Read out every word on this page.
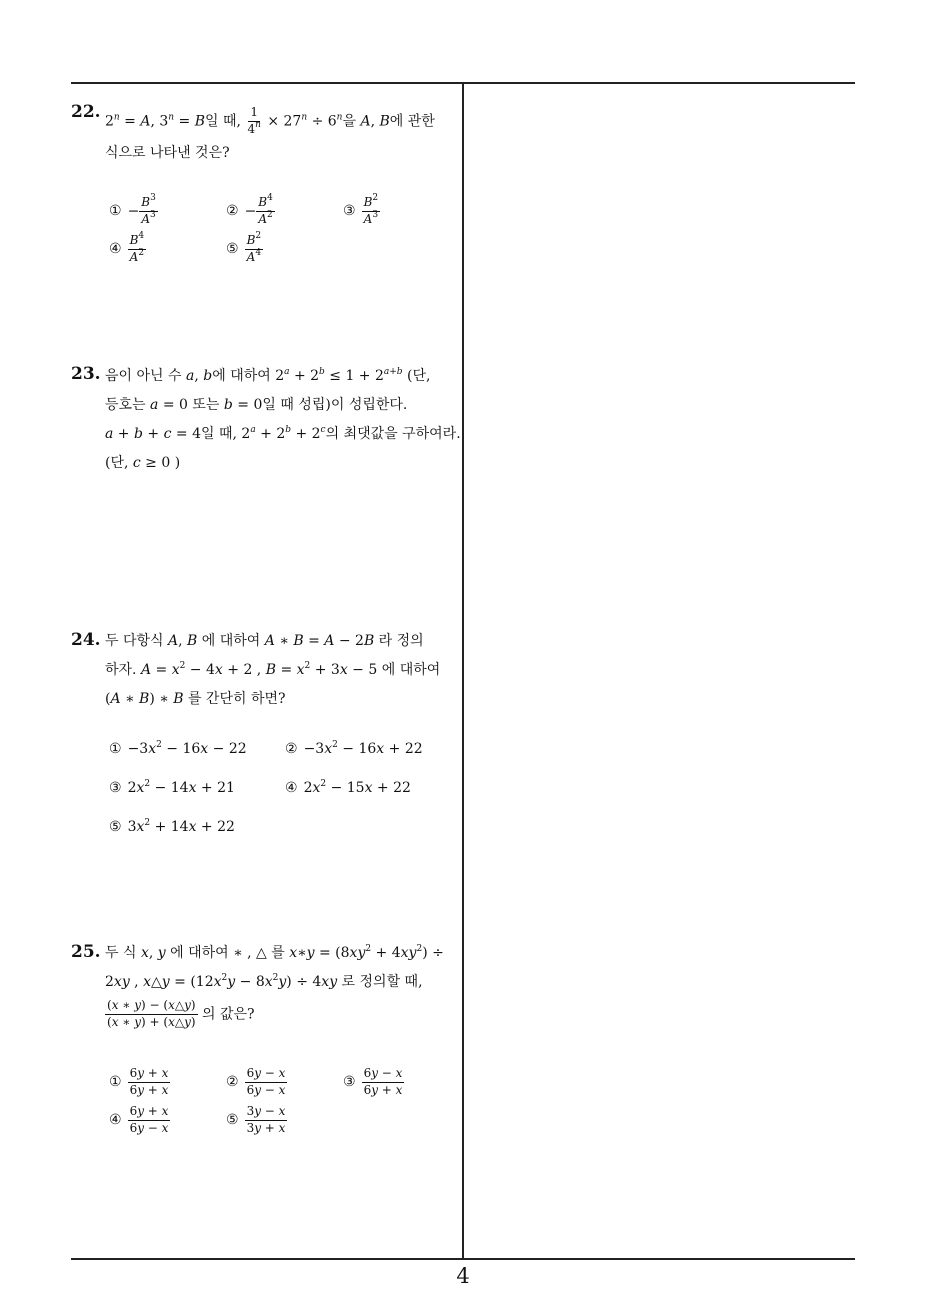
22. $2^n = A$, $3^n = B$일 때, $\frac{1}{4^n} \times 27^n \div 6^n$을 A, B에 관한
식으로 나타낸 것은?
① − $\frac{B^3}{A^3}$	② − $\frac{B^4}{A^2}$	③ $\frac{B^2}{A^3}$
④ $\frac{B^4}{A^2}$	⑤ $\frac{B^2}{A^4}$
23. 음이 아닌 수 a, b에 대하여 $2^a + 2^b \le 1 + 2^{a+b}$ (단,
등호는 a = 0 또는 b = 0일 때 성립)이 성립한다.
a + b + c = 4일 때, $2^a + 2^b + 2^c$의 최댓값을 구하여라.
(단, c ≥ 0 )
24. 두 다항식 A, B 에 대하여 A ∗ B = A − 2B 라 정의
하자. $A = x^2 - 4x + 2$ , $B = x^2 + 3x - 5$ 에 대하여
(A ∗ B) ∗ B 를 간단히 하면?
① $-3x^2 - 16x - 22$	② $-3x^2 - 16x + 22$
③ $2x^2 - 14x + 21$	④ $2x^2 - 15x + 22$
⑤ $3x^2 + 14x + 22$
25. 두 식 x, y 에 대하여 ∗ , △ 를 x∗y = $(8xy^2 + 4xy^2)$ ÷
2xy , x△y = $(12x^2y - 8x^2y) \div 4xy$ 로 정의할 때,
$\frac{(x ∗ y) - (x\triangle y)}{(x ∗ y) + (x\triangle y)}$ 의 값은?
① $\frac{6y + x}{6y + x}$	② $\frac{6y - x}{6y - x}$	③ $\frac{6y - x}{6y + x}$
④ $\frac{6y + x}{6y - x}$	⑤ $\frac{3y - x}{3y + x}$
4
